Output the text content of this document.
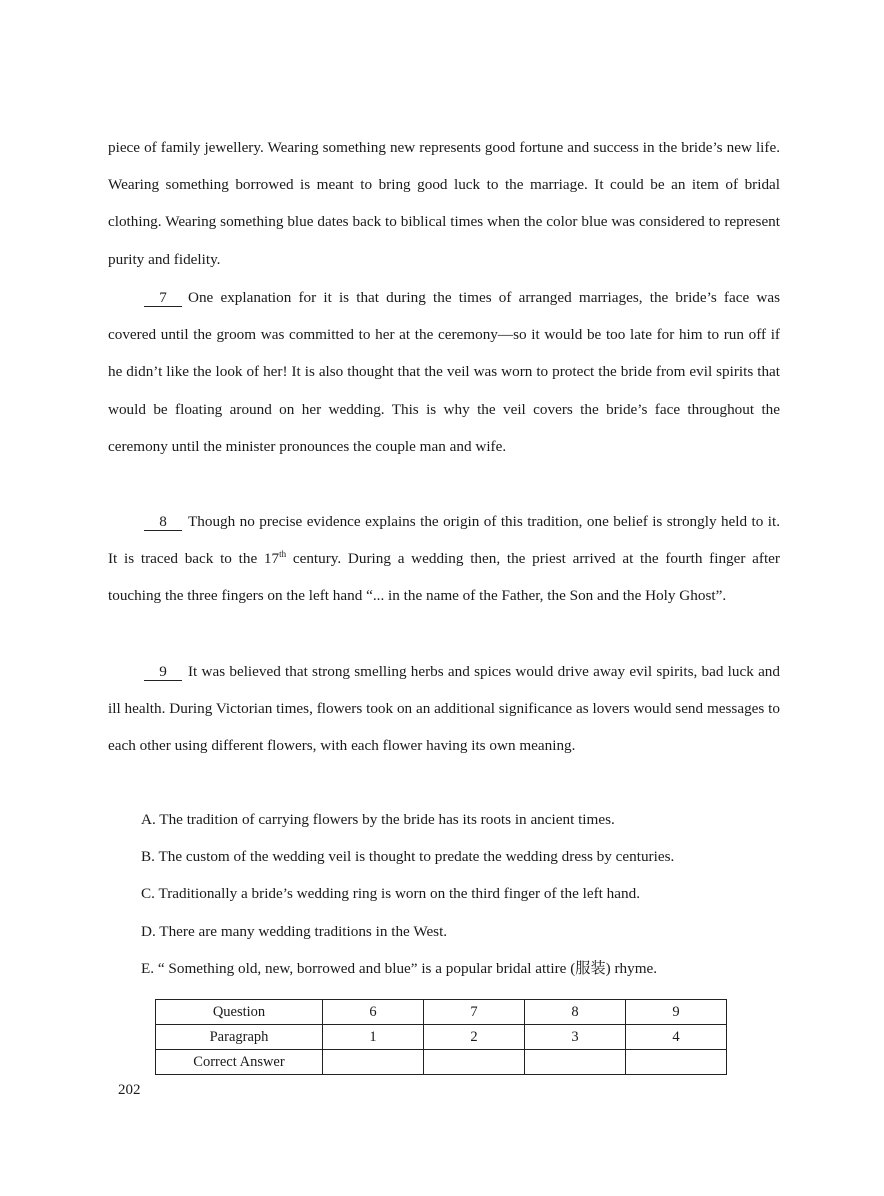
piece of family jewellery. Wearing something new represents good fortune and success in the bride’s new life. Wearing something borrowed is meant to bring good luck to the marriage. It could be an item of bridal clothing. Wearing something blue dates back to biblical times when the color blue was considered to represent purity and fidelity.

7 One explanation for it is that during the times of arranged marriages, the bride’s face was covered until the groom was committed to her at the ceremony—so it would be too late for him to run off if he didn’t like the look of her! It is also thought that the veil was worn to protect the bride from evil spirits that would be floating around on her wedding. This is why the veil covers the bride’s face throughout the ceremony until the minister pronounces the couple man and wife.

8 Though no precise evidence explains the origin of this tradition, one belief is strongly held to it. It is traced back to the 17th century. During a wedding then, the priest arrived at the fourth finger after touching the three fingers on the left hand “... in the name of the Father, the Son and the Holy Ghost”.

9 It was believed that strong smelling herbs and spices would drive away evil spirits, bad luck and ill health. During Victorian times, flowers took on an additional significance as lovers would send messages to each other using different flowers, with each flower having its own meaning.

A. The tradition of carrying flowers by the bride has its roots in ancient times.
B. The custom of the wedding veil is thought to predate the wedding dress by centuries.
C. Traditionally a bride’s wedding ring is worn on the third finger of the left hand.
D. There are many wedding traditions in the West.
E. “ Something old, new, borrowed and blue” is a popular bridal attire (服装) rhyme.
Question	6	7	8	9
Paragraph	1	2	3	4
Correct Answer				
202
